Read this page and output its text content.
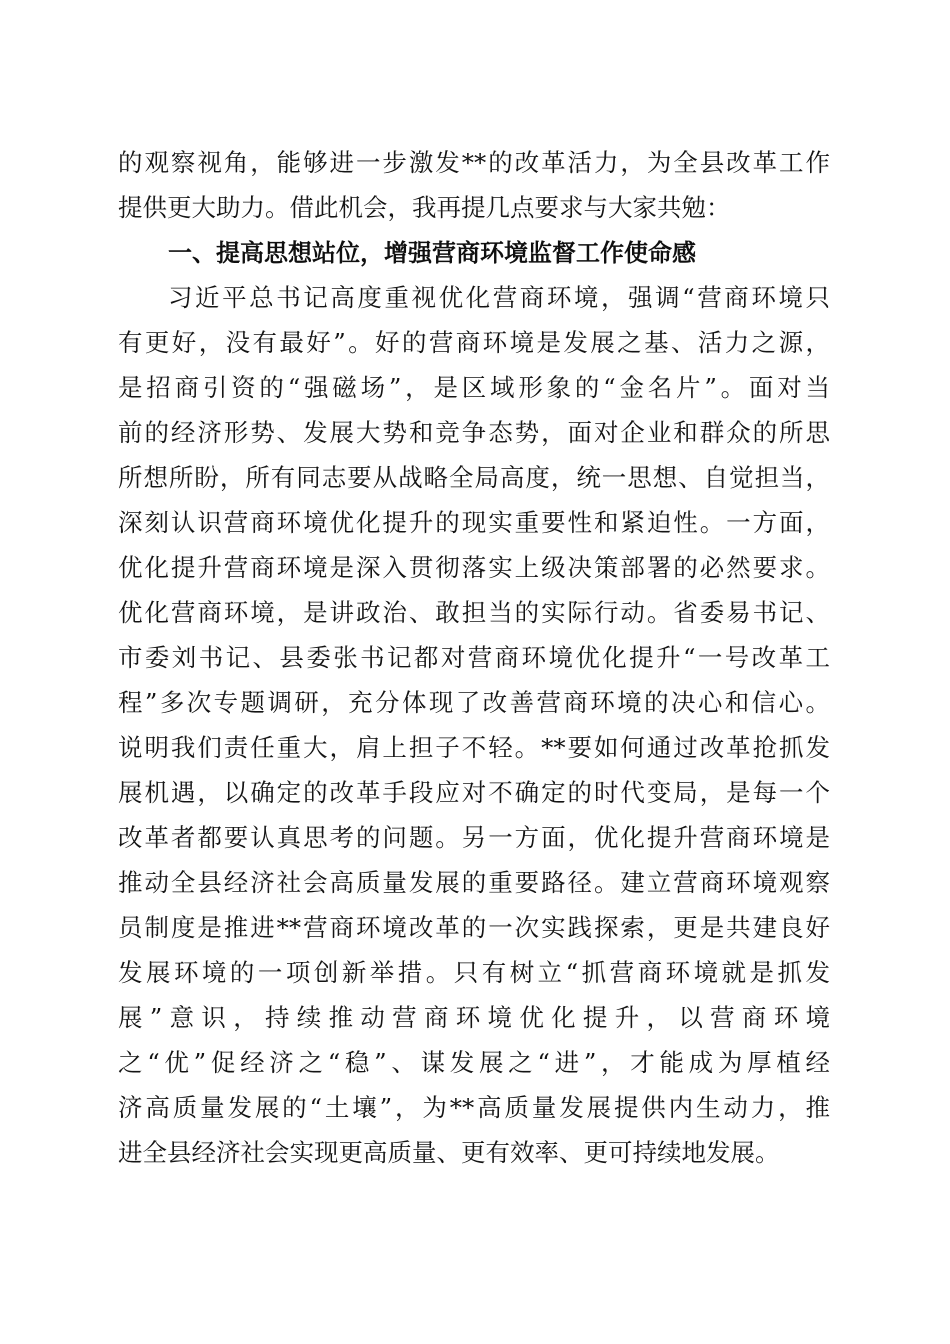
的观察视角，能够进一步激发**的改革活力，为全县改革工作
提供更大助力。借此机会，我再提几点要求与大家共勉：
一、提高思想站位，增强营商环境监督工作使命感
习近平总书记高度重视优化营商环境，强调“营商环境只
有更好，没有最好”。好的营商环境是发展之基、活力之源，
是招商引资的“强磁场”，是区域形象的“金名片”。面对当
前的经济形势、发展大势和竞争态势，面对企业和群众的所思
所想所盼，所有同志要从战略全局高度，统一思想、自觉担当，
深刻认识营商环境优化提升的现实重要性和紧迫性。一方面，
优化提升营商环境是深入贯彻落实上级决策部署的必然要求。
优化营商环境，是讲政治、敢担当的实际行动。省委易书记、
市委刘书记、县委张书记都对营商环境优化提升“一号改革工
程”多次专题调研，充分体现了改善营商环境的决心和信心。
说明我们责任重大，肩上担子不轻。**要如何通过改革抢抓发
展机遇，以确定的改革手段应对不确定的时代变局，是每一个
改革者都要认真思考的问题。另一方面，优化提升营商环境是
推动全县经济社会高质量发展的重要路径。建立营商环境观察
员制度是推进**营商环境改革的一次实践探索，更是共建良好
发展环境的一项创新举措。只有树立“抓营商环境就是抓发
展”意识，持续推动营商环境优化提升，以营商环境
之“优”促经济之“稳”、谋发展之“进”，才能成为厚植经
济高质量发展的“土壤”，为**高质量发展提供内生动力，推
进全县经济社会实现更高质量、更有效率、更可持续地发展。
